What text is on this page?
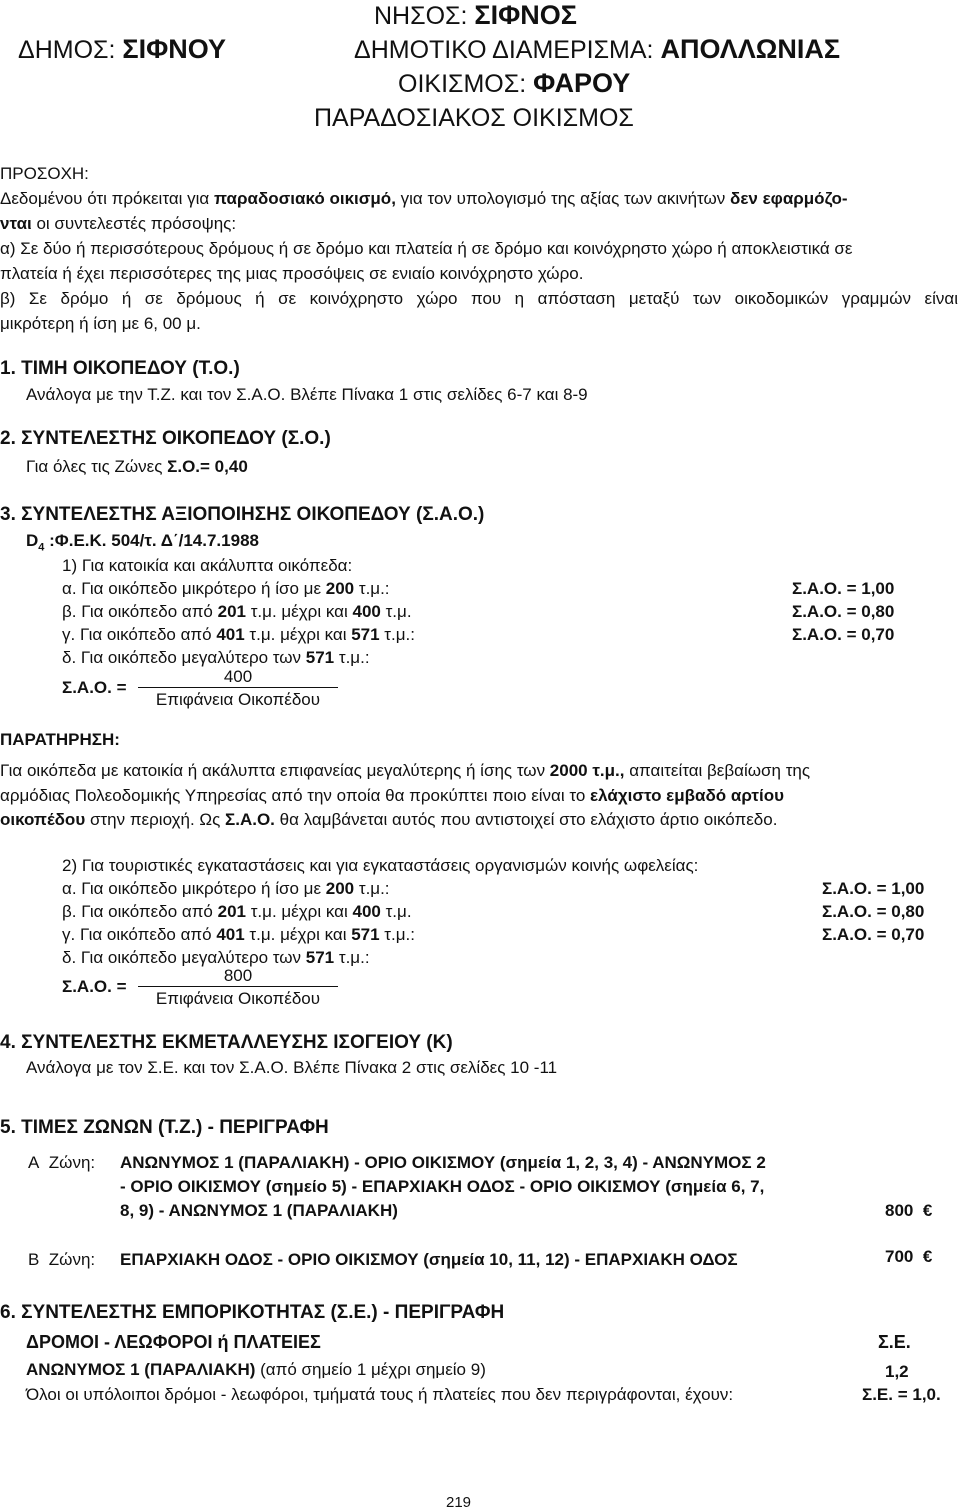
ΝΗΣΟΣ: ΣΙΦΝΟΣ
ΔΗΜΟΣ: ΣΙΦΝΟΥ	ΔΗΜΟΤΙΚΟ ΔΙΑΜΕΡΙΣΜΑ: ΑΠΟΛΛΩΝΙΑΣ
ΟΙΚΙΣΜΟΣ: ΦΑΡΟΥ
ΠΑΡΑΔΟΣΙΑΚΟΣ ΟΙΚΙΣΜΟΣ
ΠΡΟΣΟΧΗ:
Δεδομένου ότι πρόκειται για παραδοσιακό οικισμό, για τον υπολογισμό της αξίας των ακινήτων δεν εφαρμόζο-
νται οι συντελεστές πρόσοψης:
α) Σε δύο ή περισσότερους δρόμους ή σε δρόμο και πλατεία ή σε δρόμο και κοινόχρηστο χώρο ή αποκλειστικά σε
πλατεία ή έχει περισσότερες της μιας προσόψεις σε ενιαίο κοινόχρηστο χώρο.
β) Σε δρόμο ή σε δρόμους ή σε κοινόχρηστο χώρο που η απόσταση μεταξύ των οικοδομικών γραμμών είναι
μικρότερη ή ίση με 6, 00 μ.
1. ΤΙΜΗ ΟΙΚΟΠΕΔΟΥ (Τ.Ο.)
Ανάλογα με την Τ.Ζ. και τον Σ.Α.Ο. Βλέπε Πίνακα 1 στις σελίδες 6-7 και 8-9
2. ΣΥΝΤΕΛΕΣΤΗΣ ΟΙΚΟΠΕΔΟΥ (Σ.Ο.)
Για όλες τις Ζώνες Σ.Ο.= 0,40
3. ΣΥΝΤΕΛΕΣΤΗΣ ΑΞΙΟΠΟΙΗΣΗΣ ΟΙΚΟΠΕΔΟΥ (Σ.Α.Ο.)
$D_4$ :Φ.Ε.Κ. 504/τ. Δ΄/14.7.1988
1) Για κατοικία και ακάλυπτα οικόπεδα:
α. Για οικόπεδο μικρότερο ή ίσο με 200 τ.μ.:	Σ.Α.Ο. = 1,00
β. Για οικόπεδο από 201 τ.μ. μέχρι και 400 τ.μ.	Σ.Α.Ο. = 0,80
γ. Για οικόπεδο από 401 τ.μ. μέχρι και 571 τ.μ.:	Σ.Α.Ο. = 0,70
δ. Για οικόπεδο μεγαλύτερο των 571 τ.μ.:
Σ.Α.Ο. =
400
Επιφάνεια Οικοπέδου
ΠΑΡΑΤΗΡΗΣΗ:
Για οικόπεδα με κατοικία ή ακάλυπτα επιφανείας μεγαλύτερης ή ίσης των 2000 τ.μ., απαιτείται βεβαίωση της
αρμόδιας Πολεοδομικής Υπηρεσίας από την οποία θα προκύπτει ποιο είναι το ελάχιστο εμβαδό αρτίου
οικοπέδου στην περιοχή. Ως Σ.Α.Ο. θα λαμβάνεται αυτός που αντιστοιχεί στο ελάχιστο άρτιο οικόπεδο.
2) Για τουριστικές εγκαταστάσεις και για εγκαταστάσεις οργανισμών κοινής ωφελείας:
α. Για οικόπεδο μικρότερο ή ίσο με 200 τ.μ.:	Σ.Α.Ο. = 1,00
β. Για οικόπεδο από 201 τ.μ. μέχρι και 400 τ.μ.	Σ.Α.Ο. = 0,80
γ. Για οικόπεδο από 401 τ.μ. μέχρι και 571 τ.μ.:	Σ.Α.Ο. = 0,70
δ. Για οικόπεδο μεγαλύτερο των 571 τ.μ.:
Σ.Α.Ο. =
800
Επιφάνεια Οικοπέδου
4. ΣΥΝΤΕΛΕΣΤΗΣ ΕΚΜΕΤΑΛΛΕΥΣΗΣ ΙΣΟΓΕΙΟΥ (Κ)
Ανάλογα με τον Σ.Ε. και τον Σ.Α.Ο. Βλέπε Πίνακα 2 στις σελίδες 10 -11
5. ΤΙΜΕΣ ΖΩΝΩΝ (Τ.Ζ.) - ΠΕΡΙΓΡΑΦΗ
Α Ζώνη: ΑΝΩΝΥΜΟΣ 1 (ΠΑΡΑΛΙΑΚΗ) - ΟΡΙΟ ΟΙΚΙΣΜΟΥ (σημεία 1, 2, 3, 4) - ΑΝΩΝΥΜΟΣ 2
- ΟΡΙΟ ΟΙΚΙΣΜΟΥ (σημείο 5) - ΕΠΑΡΧΙΑΚΗ ΟΔΟΣ - ΟΡΙΟ ΟΙΚΙΣΜΟΥ (σημεία 6, 7,
8, 9) - ΑΝΩΝΥΜΟΣ 1 (ΠΑΡΑΛΙΑΚΗ)	800 €
Β Ζώνη: ΕΠΑΡΧΙΑΚΗ ΟΔΟΣ - ΟΡΙΟ ΟΙΚΙΣΜΟΥ (σημεία 10, 11, 12) - ΕΠΑΡΧΙΑΚΗ ΟΔΟΣ	700 €
6. ΣΥΝΤΕΛΕΣΤΗΣ ΕΜΠΟΡΙΚΟΤΗΤΑΣ (Σ.Ε.) - ΠΕΡΙΓΡΑΦΗ
ΔΡΟΜΟΙ - ΛΕΩΦΟΡΟΙ ή ΠΛΑΤΕΙΕΣ	Σ.Ε.
ΑΝΩΝΥΜΟΣ 1 (ΠΑΡΑΛΙΑΚΗ) (από σημείο 1 μέχρι σημείο 9)	1,2
Όλοι οι υπόλοιποι δρόμοι - λεωφόροι, τμήματά τους ή πλατείες που δεν περιγράφονται, έχουν:	Σ.Ε. = 1,0.
219
